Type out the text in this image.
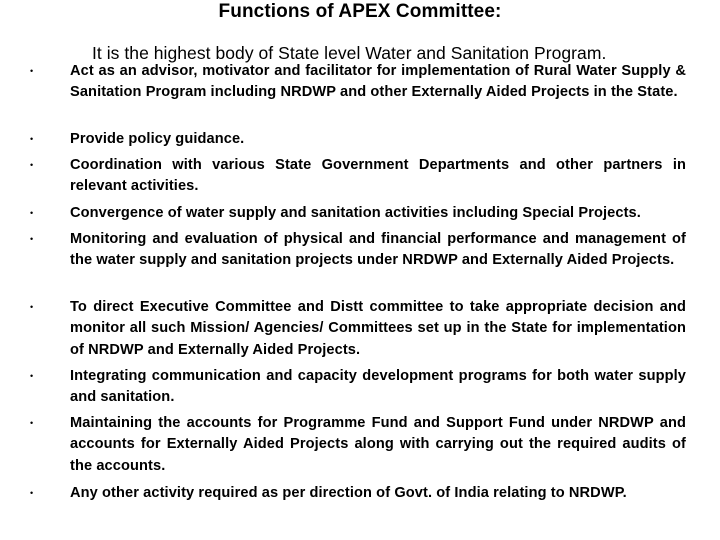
Functions of APEX Committee:
It is the highest body of State level Water and Sanitation Program.
•	Act as an advisor, motivator and facilitator for implementation of Rural Water Supply & Sanitation Program including NRDWP and other Externally Aided Projects in the State.
•	Provide policy guidance.
•	Coordination with various State Government Departments and other partners in relevant activities.
•	Convergence of water supply and sanitation activities including Special Projects.
•	Monitoring and evaluation of physical and financial performance and management of the water supply and sanitation projects under NRDWP and Externally Aided Projects.
•	To direct Executive Committee and Distt committee to take appropriate decision and monitor all such Mission/ Agencies/ Committees set up in the State for implementation of NRDWP and Externally Aided Projects.
•	Integrating communication and capacity development programs for both water supply and sanitation.
•	Maintaining the accounts for Programme Fund and Support Fund under NRDWP and accounts for Externally Aided Projects along with carrying out the required audits of the accounts.
•	Any other activity required as per direction of Govt. of India relating to NRDWP.
